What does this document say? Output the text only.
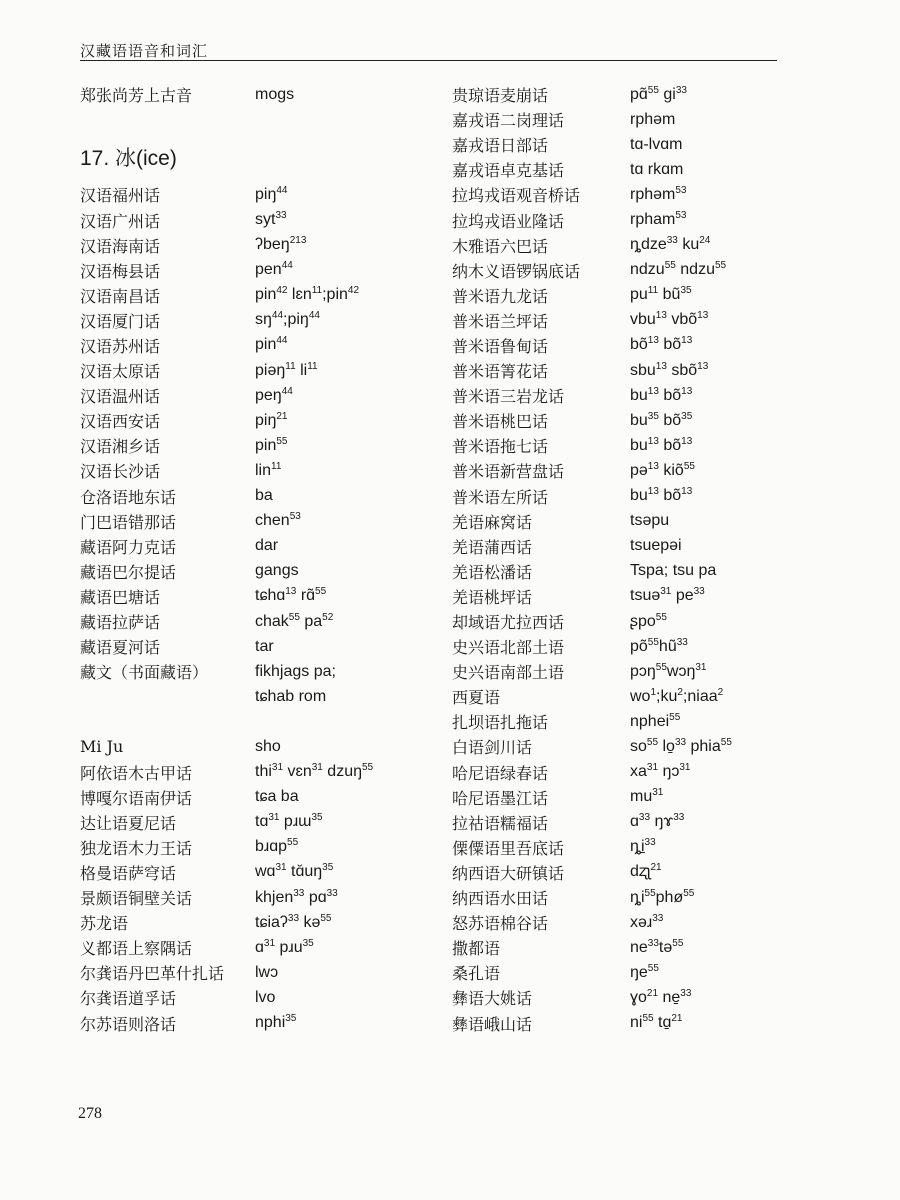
汉藏语语音和词汇
郑张尚芳上古音	mogs
17. 冰(ice)
汉语福州话	piŋ$^{44}$
汉语广州话	syt$^{33}$
汉语海南话	ʔbeŋ$^{213}$
汉语梅县话	pen$^{44}$
汉语南昌话	pin$^{42}$ lɛn$^{11}$;pin$^{42}$
汉语厦门话	$sŋ^{44};piŋ^{44}$
汉语苏州话	pin$^{44}$
汉语太原话	piəŋ$^{11}$ $li^{11}$
汉语温州话	peŋ$^{44}$
汉语西安话	piŋ$^{21}$
汉语湘乡话	pin$^{55}$
汉语长沙话	lin$^{11}$
仓洛语地东话	ba
门巴语错那话	chen$^{53}$
藏语阿力克话	dar
藏语巴尔提话	gangs
藏语巴塘话	tɕhɑ$^{13}$ rɑ̃$^{55}$
藏语拉萨话	chak$^{55}$ $pa^{52}$
藏语夏河话	tar
藏文（书面藏语）	fikhjags pa;
tɕhab rom
Mi Ju	sho
阿依语木古甲话	thi$^{31}$ vɛn$^{31}$ dzuŋ$^{55}$
博嘎尔语南伊话	tɕa ba
达让语夏尼话	tɑ$^{31}$ pɹɯ$^{35}$
独龙语木力王话	bɹɑp$^{55}$
格曼语萨穹话	wɑ$^{31}$ $tɑ̆uŋ^{35}$
景颇语铜壁关话	khjen$^{33}$ pɑ$^{33}$
苏龙语	tɕiaʔ$^{33}$ kə$^{55}$
义都语上察隅话	ɑ$^{31}$ pɹu$^{35}$
尔龚语丹巴革什扎话	lwɔ
尔龚语道孚话	lvo
尔苏语则洛话	nphi$^{35}$
贵琼语麦崩话	pɑ̃$^{55}$ $gi^{33}$
嘉戎语二岗理话	rphəm
嘉戎语日部话	tɑ-lvɑm
嘉戎语卓克基话	tɑ rkɑm
拉坞戎语观音桥话	rphəm$^{53}$
拉坞戎语业隆话	rpham$^{53}$
木雅语六巴话	ȵdze$^{33}$ $ku^{24}$
纳木义语锣锅底话	ndzu$^{55}$ ndzu$^{55}$
普米语九龙话	$pu^{11}$ $bũ^{35}$
普米语兰坪话	vbu$^{13}$ vbõ$^{13}$
普米语鲁甸话	$bõ^{13}$ $bõ^{13}$
普米语箐花话	sbu$^{13}$ sbõ$^{13}$
普米语三岩龙话	$bu^{13}$ $bõ^{13}$
普米语桃巴话	$bu^{35}$ $bõ^{35}$
普米语拖七话	$bu^{13}$ $bõ^{13}$
普米语新营盘话	pə$^{13}$ kiõ$^{55}$
普米语左所话	$bu^{13}$ $bõ^{13}$
羌语麻窝话	tsəpu
羌语蒲西话	tsuepəi
羌语松潘话	Tspa; tsu pa
羌语桃坪话	tsuə$^{31}$ $pe^{33}$
却域语尤拉西话	ʂpo$^{55}$
史兴语北部土语	$põ^{55}hũ^{33}$
史兴语南部土语	pɔŋ$^{55}$wɔŋ$^{31}$
西夏语	$wo^1;ku^2;niaa^2$
扎坝语扎拖话	nphei$^{55}$
白语剑川话	$so^{55}$ lo̱$^{33}$ phia$^{55}$
哈尼语绿春话	$xa^{31}$ ŋɔ$^{31}$
哈尼语墨江话	$mu^{31}$
拉祜语糯福话	ɑ$^{33}$ ŋɤ$^{33}$
傈僳语里吾底话	ȵi̱$^{33}$
纳西语大研镇话	dʐʅ$^{21}$
纳西语水田话	$ȵi^{55}phø^{55}$
怒苏语棉谷话	xəɹ$^{33}$
撒都语	$ne^{33}tə^{55}$
桑孔语	$ŋe^{55}$
彝语大姚话	ɣo$^{21}$ ne̱$^{33}$
彝语峨山话	$ni^{55}$ tɑ̱$^{21}$
278
